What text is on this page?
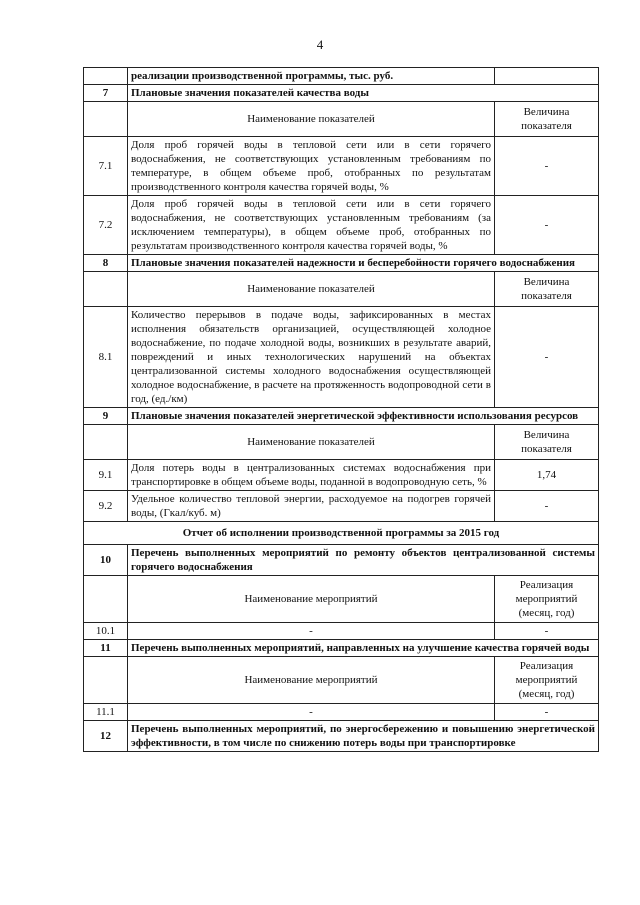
4
	реализации производственной программы, тыс. руб.	
7	Плановые значения показателей качества воды	
	Наименование показателей	Величина показателя
7.1	Доля проб горячей воды в тепловой сети или в сети горячего водоснабжения, не соответствующих установленным требованиям по температуре, в общем объеме проб, отобранных по результатам производственного контроля качества горячей воды, %	-
7.2	Доля проб горячей воды в тепловой сети или в сети горячего водоснабжения, не соответствующих установленным требованиям (за исключением температуры), в общем объеме проб, отобранных по результатам производственного контроля качества горячей воды, %	-
8	Плановые значения показателей надежности и бесперебойности горячего водоснабжения	
	Наименование показателей	Величина показателя
8.1	Количество перерывов в подаче воды, зафиксированных в местах исполнения обязательств организацией, осуществляющей холодное водоснабжение, по подаче холодной воды, возникших в результате аварий, повреждений и иных технологических нарушений на объектах централизованной системы холодного водоснабжения осуществляющей холодное водоснабжение, в расчете на протяженность водопроводной сети в год, (ед./км)	-
9	Плановые значения показателей энергетической эффективности использования ресурсов	
	Наименование показателей	Величина показателя
9.1	Доля потерь воды в централизованных системах водоснабжения при транспортировке в общем объеме воды, поданной в водопроводную сеть, %	1,74
9.2	Удельное количество тепловой энергии, расходуемое на подогрев горячей воды, (Гкал/куб. м)	-
Отчет об исполнении производственной программы за 2015 год		
10	Перечень выполненных мероприятий по ремонту объектов централизованной системы горячего водоснабжения	
	Наименование мероприятий	Реализация мероприятий (месяц, год)
10.1	-	-
11	Перечень выполненных мероприятий, направленных на улучшение качества горячей воды	
	Наименование мероприятий	Реализация мероприятий (месяц, год)
11.1	-	-
12	Перечень выполненных мероприятий, по энергосбережению и повышению энергетической эффективности, в том числе по снижению потерь воды при транспортировке	
